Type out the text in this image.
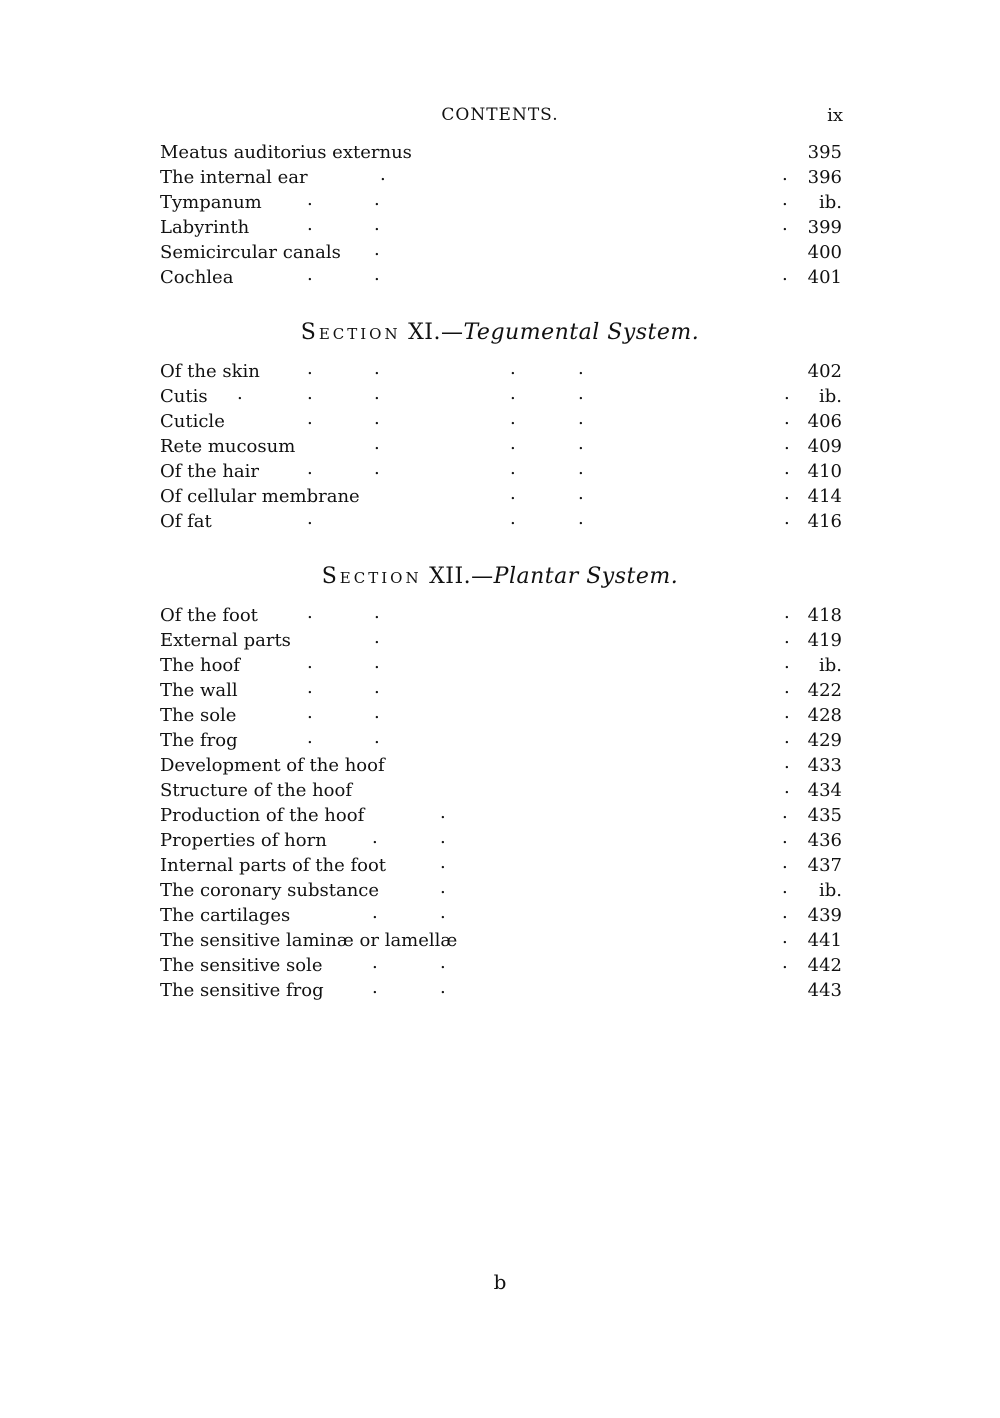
CONTENTS.	ix
Meatus auditorius externus	395
The internal ear	.	. 396
Tympanum	.	.	. ib.
Labyrinth	.	.	. 399
Semicircular canals .	400
Cochlea	.	.	. 401
Section XI.—Tegumental System.
Of the skin	.	.	.	.	402
Cutis .	.	.	.	.	. ib.
Cuticle	.	.	.	.	. 406
Rete mucosum	.	.	.	. 409
Of the hair	.	.	.	.	. 410
Of cellular membrane	.	.	. 414
Of fat	.	.	.	. 416
Section XII.—Plantar System.
Of the foot	.	.	. 418
External parts	.	. 419
The hoof	.	.	. ib.
The wall	.	.	. 422
The sole	.	.	. 428
The frog	.	.	. 429
Development of the hoof	. 433
Structure of the hoof	. 434
Production of the hoof	.	. 435
Properties of horn	.	.	. 436
Internal parts of the foot	.	. 437
The coronary substance	.	. ib.
The cartilages	.	.	. 439
The sensitive laminæ or lamellæ	. 441
The sensitive sole	.	.	. 442
The sensitive frog	.	.	443
b
